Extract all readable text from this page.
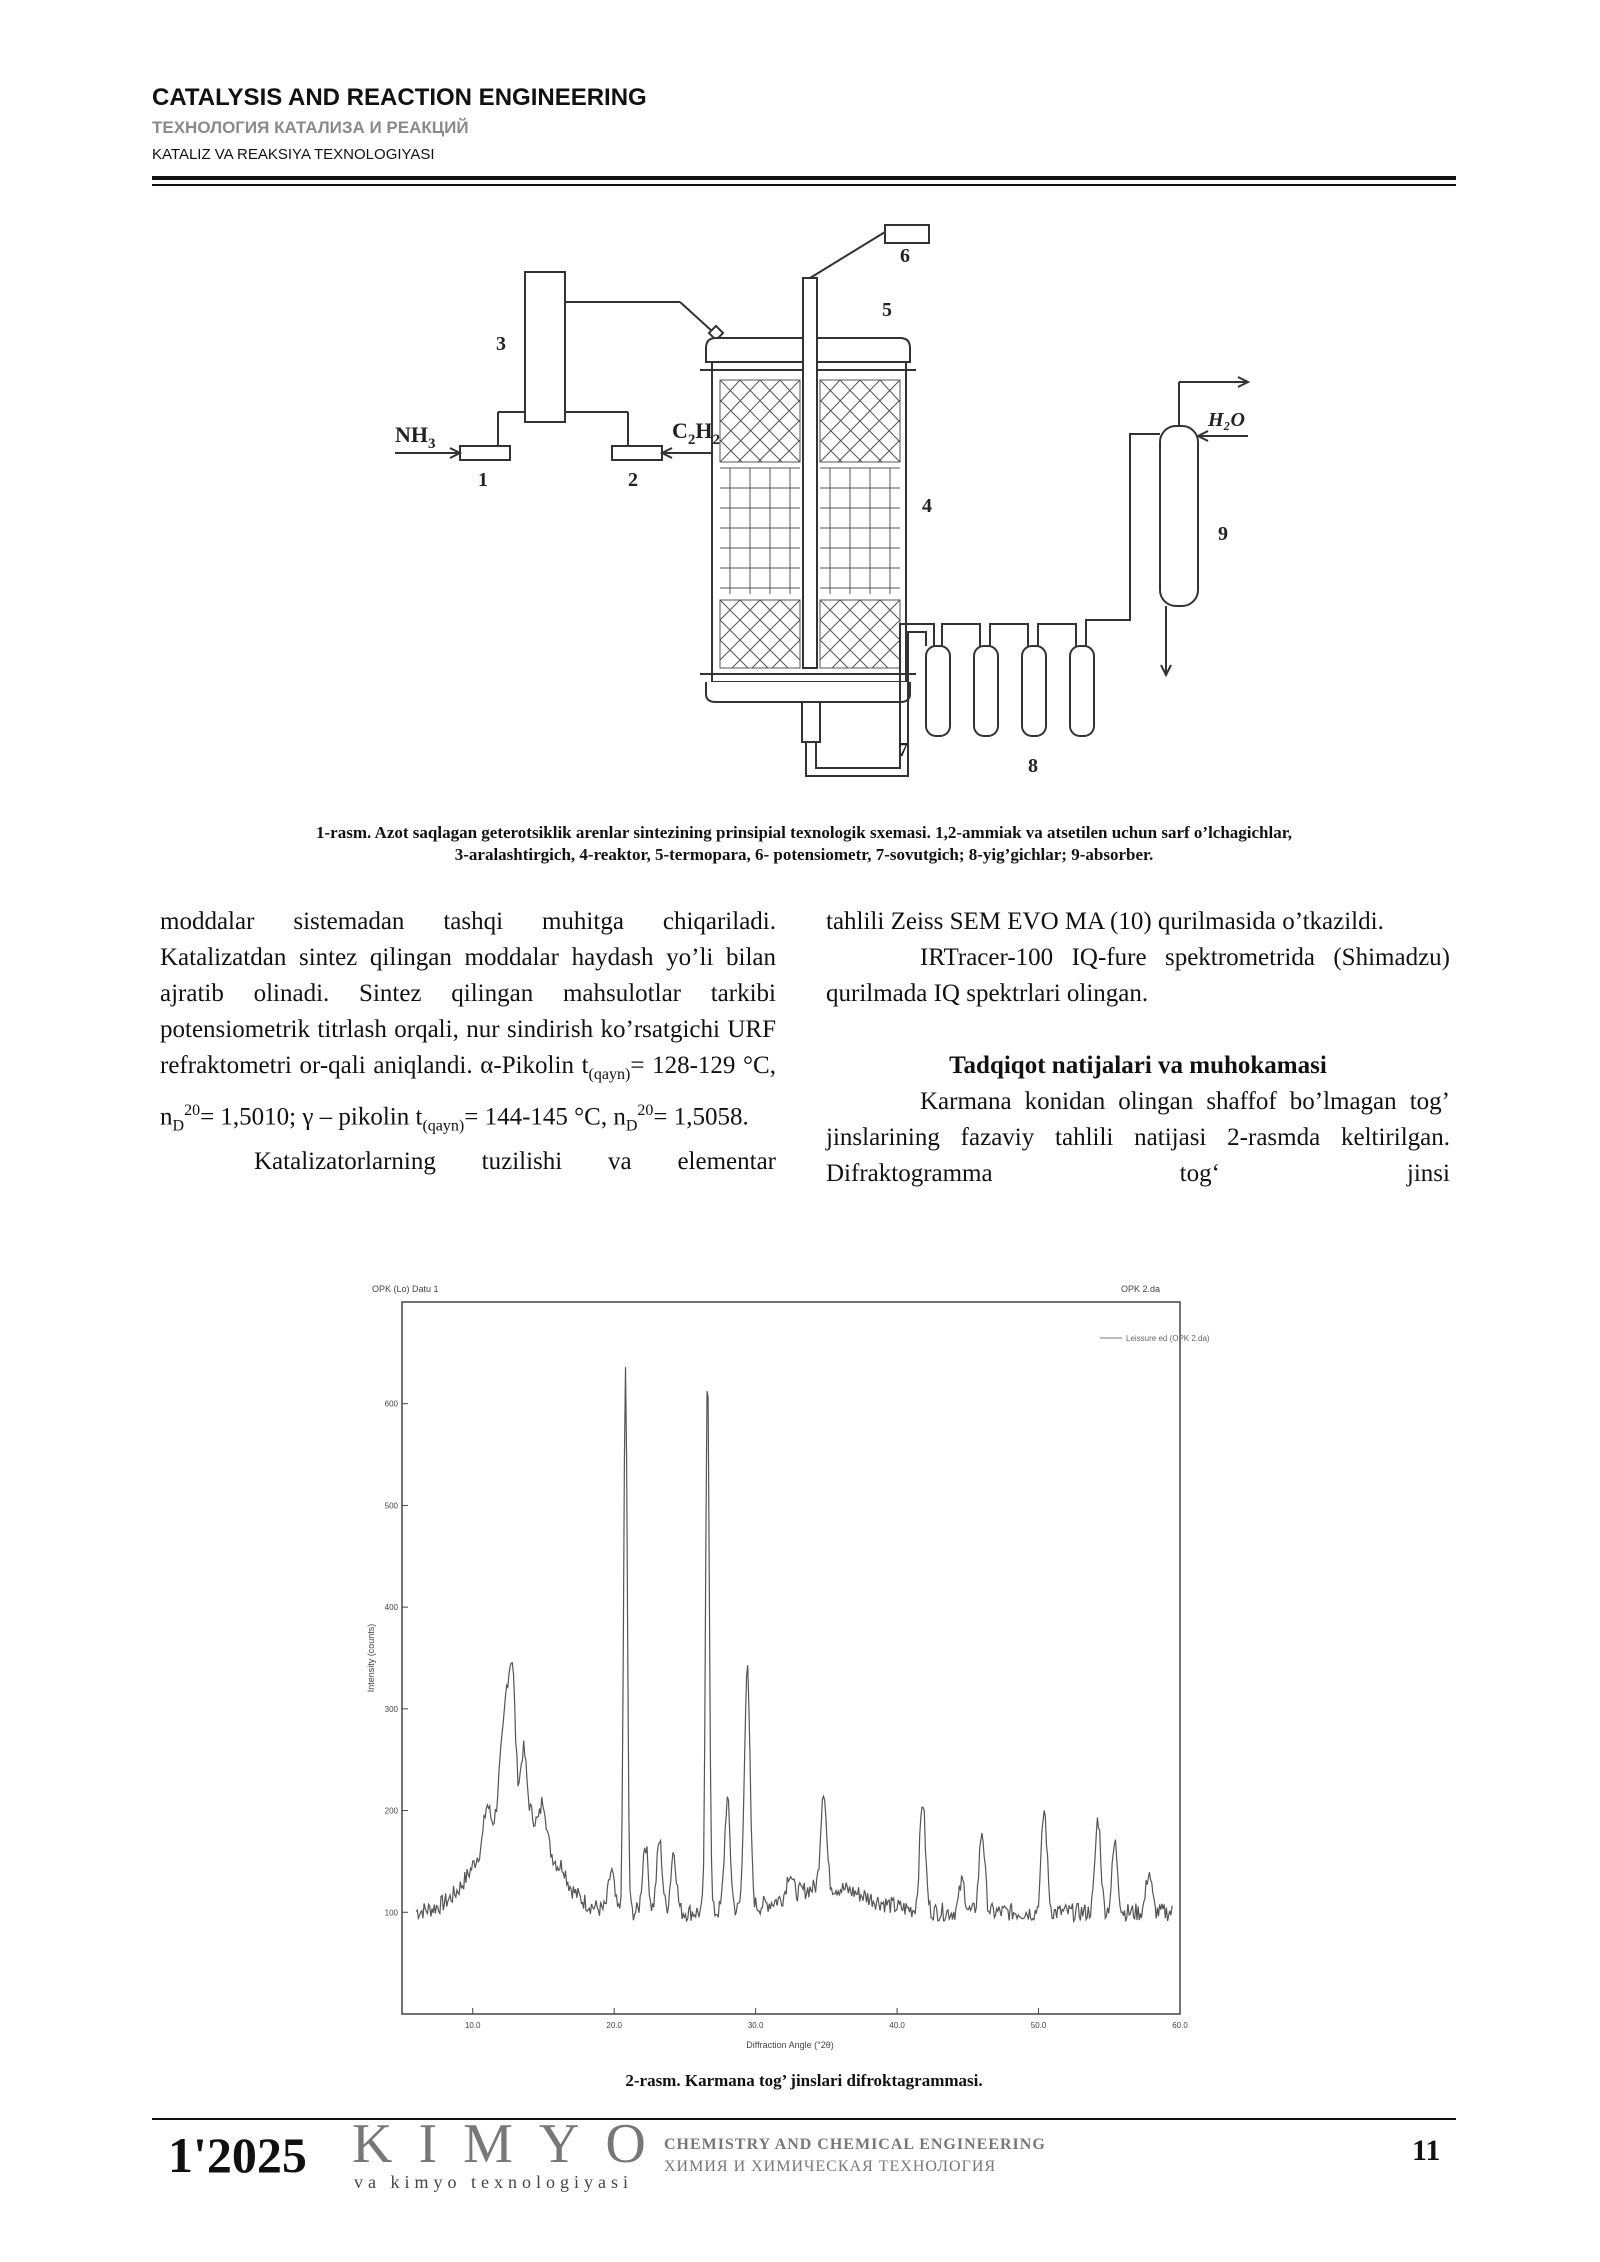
CATALYSIS AND REACTION ENGINEERING
ТЕХНОЛОГИЯ КАТАЛИЗА И РЕАКЦИЙ
KATALIZ VA REAKSIYA TEXNOLOGIYASI
3
1	2
$NH_3$
$C_2H_2$
6
5
4
H₂O
9
7
8
1-rasm. Azot saqlagan geterotsiklik arenlar sintezining prinsipial texnologik sxemasi. 1,2-ammiak va atsetilen uchun sarf o’lchagichlar,
3-aralashtirgich, 4-reaktor, 5-termopara, 6- potensiometr, 7-sovutgich; 8-yig’gichlar; 9-absorber.

moddalar sistemadan tashqi muhitga chiqariladi. Katalizatdan sintez qilingan moddalar haydash yo’li bilan ajratib olinadi. Sintez qilingan mahsulotlar tarkibi potensiometrik titrlash orqali, nur sindirish ko’rsatgichi URF refraktometri or-qali aniqlandi. α-Pikolin $t_{(qayn)}= 128-129$ °C, $n_D^{20}= 1,5010$; γ – pikolin $t_{(qayn)}= 144-145$ °C, $n_D^{20}= 1,5058$.

Katalizatorlarning tuzilishi va elementar

tahlili Zeiss SEM EVO MA (10) qurilmasida o’tkazildi.

IRTracer-100 IQ-fure spektrometrida (Shimadzu) qurilmada IQ spektrlari olingan.

Tadqiqot natijalari va muhokamasi

Karmana konidan olingan shaffof bo’lmagan tog’ jinslarining fazaviy tahlili natijasi 2-rasmda keltirilgan. Difraktogramma tog‘ jinsi

OPK (Lo) Datu 1	OPK 2.da
Leissure ed (OPK 2.da)
Diffraction Angle (°2θ)
Intensity (counts)
10.0	20.0	30.0	40.0	50.0	60.0
100
200
300
400
500
600
2-rasm. Karmana tog’ jinslari difroktagrammasi.
1'2025 KIMYO
va kimyo texnologiyasi
CHEMISTRY AND CHEMICAL ENGINEERING
ХИМИЯ И ХИМИЧЕСКАЯ ТЕХНОЛОГИЯ	11
